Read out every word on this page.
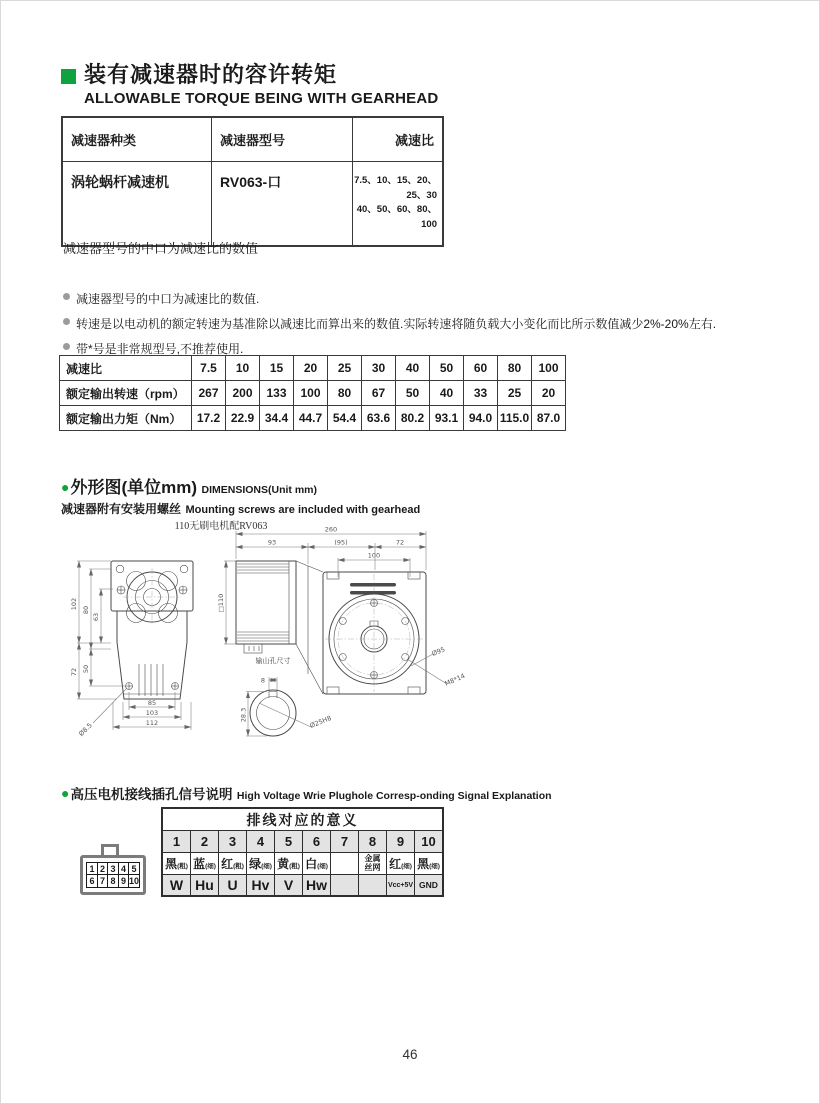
装有减速器时的容许转矩
ALLOWABLE TORQUE BEING WITH GEARHEAD
减速器种类	减速器型号	减速比
涡轮蜗杆减速机	RV063-口	7.5、10、15、20、25、30
40、50、60、80、100
减速器型号的中口为减速比的数值
减速器型号的中口为减速比的数值.
转速是以电动机的额定转速为基准除以减速比而算出来的数值.实际转速将随负载大小变化而比所示数值减少2%-20%左右.
带*号是非常规型号,不推荐使用.
减速比	7.5	10	15	20	25	30	40	50	60	80	100
额定输出转速（rpm）	267	200	133	100	80	67	50	40	33	25	20
额定输出力矩（Nm）	17.2	22.9	34.4	44.7	54.4	63.6	80.2	93.1	94.0	115.0	87.0
●外形图(单位mm) DIMENSIONS(Unit mm)
减速器附有安装用螺丝 Mounting screws are included with gearhead
110无刷电机配RV063
85
103
112
102
72
80
50
63
Ø8.5
□110
100
93	(95)	72
260
Ø95
M8*14
输山孔尺寸
8
28.3	Ø25H8
●高压电机接线插孔信号说明 High Voltage Wrie Plughole Corresp-onding Signal Explanation
1 2 3 4 5
6 7 8 9 10
排线对应的意义									
1	2	3	4	5	6	7	8	9	10
黑(粗)	蓝(细)	红(粗)	绿(细)	黄(粗)	白(细)		金属丝网	红(细)	黑(细)
W	Hu	U	Hv	V	Hw			Vcc+5V	GND
46
